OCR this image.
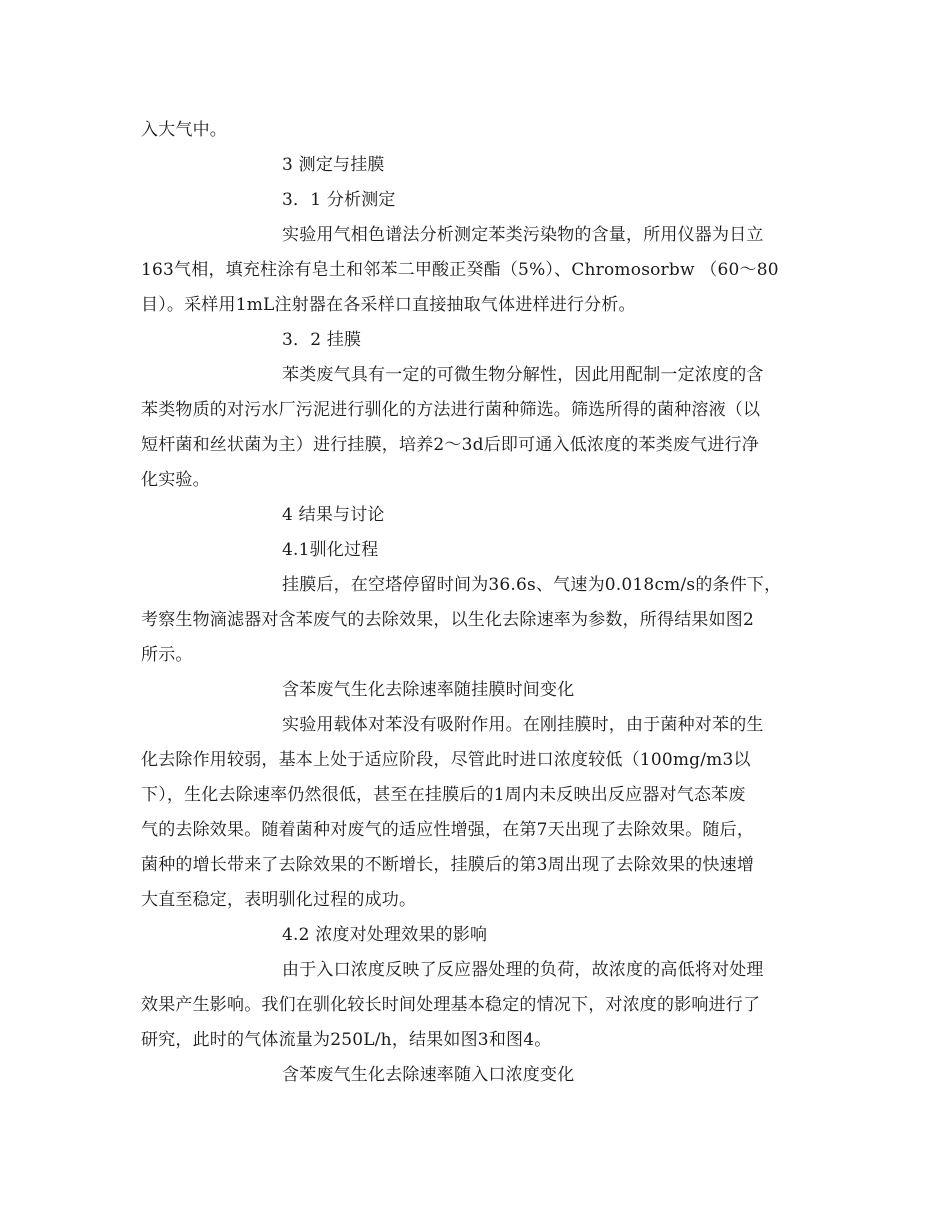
入大气中。
3 测定与挂膜
3．1 分析测定
实验用气相色谱法分析测定苯类污染物的含量，所用仪器为日立
163气相，填充柱涂有皂土和邻苯二甲酸正癸酯（5%）、Chromosorbw （60～80
目）。采样用1mL注射器在各采样口直接抽取气体进样进行分析。
3．2 挂膜
苯类废气具有一定的可微生物分解性，因此用配制一定浓度的含
苯类物质的对污水厂污泥进行驯化的方法进行菌种筛选。筛选所得的菌种溶液（以
短杆菌和丝状菌为主）进行挂膜，培养2～3d后即可通入低浓度的苯类废气进行净
化实验。
4 结果与讨论
4.1驯化过程
挂膜后，在空塔停留时间为36.6s、气速为0.018cm/s的条件下，
考察生物滴滤器对含苯废气的去除效果，以生化去除速率为参数，所得结果如图2
所示。
含苯废气生化去除速率随挂膜时间变化
实验用载体对苯没有吸附作用。在刚挂膜时，由于菌种对苯的生
化去除作用较弱，基本上处于适应阶段，尽管此时进口浓度较低（100mg/m3以
下），生化去除速率仍然很低，甚至在挂膜后的1周内未反映出反应器对气态苯废
气的去除效果。随着菌种对废气的适应性增强，在第7天出现了去除效果。随后，
菌种的增长带来了去除效果的不断增长，挂膜后的第3周出现了去除效果的快速增
大直至稳定，表明驯化过程的成功。
4.2 浓度对处理效果的影响
由于入口浓度反映了反应器处理的负荷，故浓度的高低将对处理
效果产生影响。我们在驯化较长时间处理基本稳定的情况下，对浓度的影响进行了
研究，此时的气体流量为250L/h，结果如图3和图4。
含苯废气生化去除速率随入口浓度变化
